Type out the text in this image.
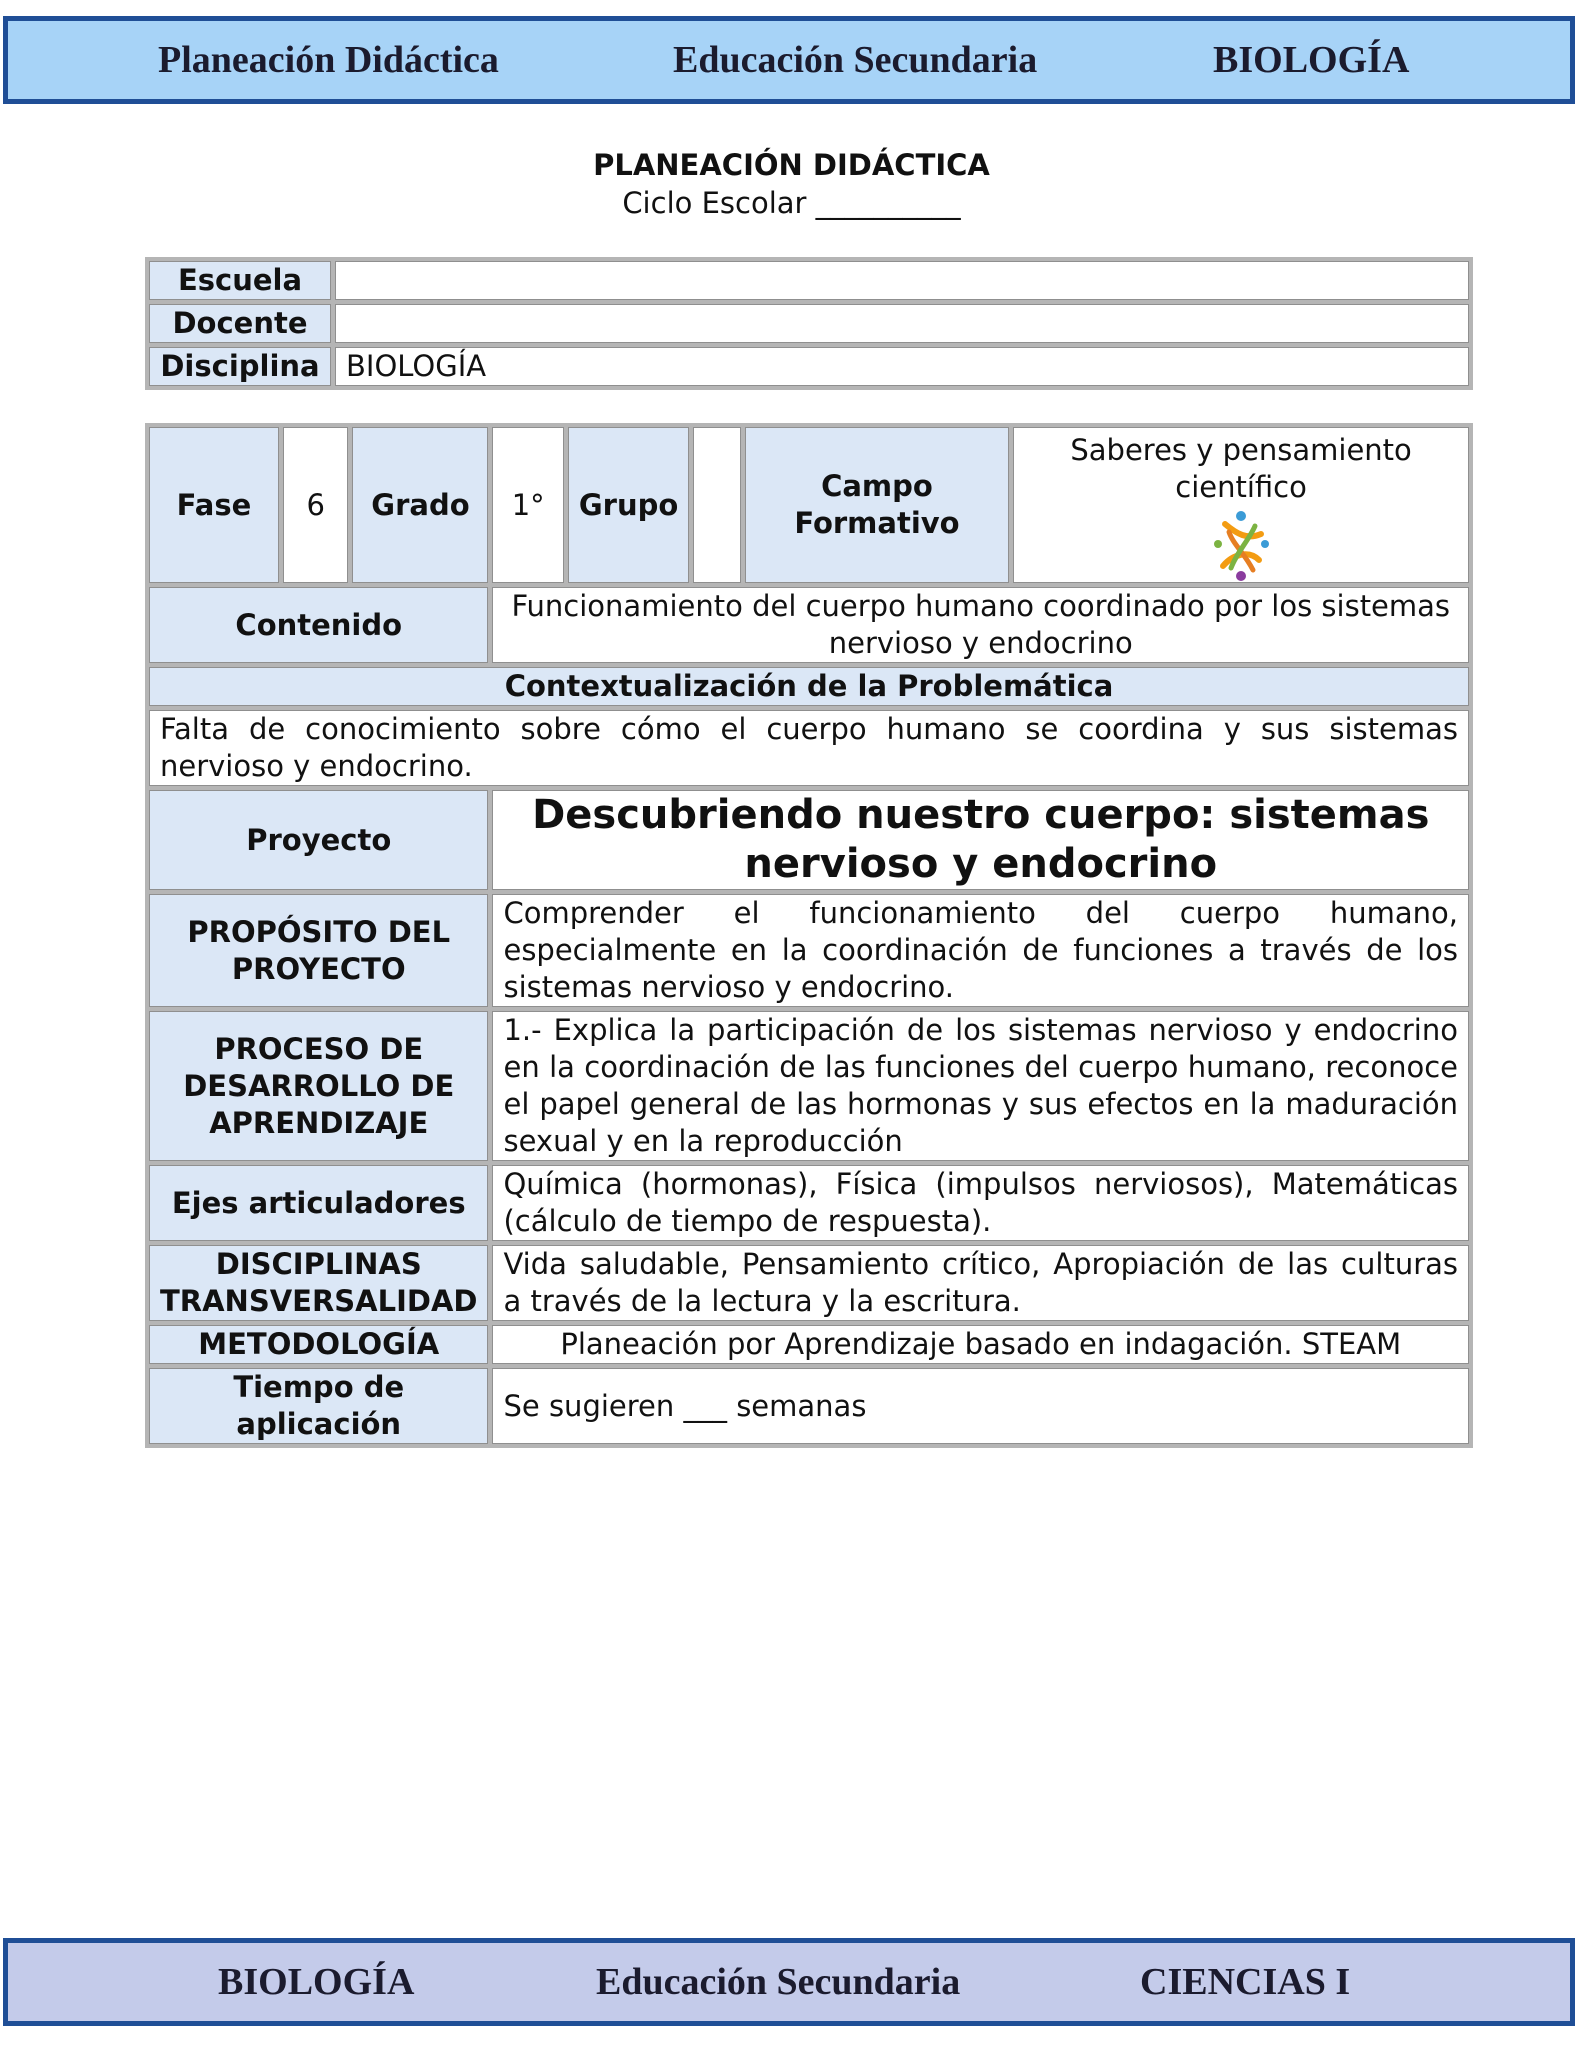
Planeación Didáctica	Educación Secundaria	BIOLOGÍA
PLANEACIÓN DIDÁCTICA
Ciclo Escolar __________
Escuela	
Docente	
Disciplina	BIOLOGÍA
Fase	6	Grado	1°	Grupo		Campo Formativo	Saberes y pensamiento científico

Contenido			Funcionamiento del cuerpo humano coordinado por los sistemas nervioso y endocrino				
Contextualización de la Problemática							
Falta de conocimiento sobre cómo el cuerpo humano se coordina y sus sistemas nervioso y endocrino.							
Proyecto			Descubriendo nuestro cuerpo: sistemas nervioso y endocrino				
PROPÓSITO DEL PROYECTO			Comprender el funcionamiento del cuerpo humano, especialmente en la coordinación de funciones a través de los sistemas nervioso y endocrino.				
PROCESO DE DESARROLLO DE APRENDIZAJE			1.- Explica la participación de los sistemas nervioso y endocrino en la coordinación de las funciones del cuerpo humano, reconoce el papel general de las hormonas y sus efectos en la maduración sexual y en la reproducción				
Ejes articuladores			Química (hormonas), Física (impulsos nerviosos), Matemáticas (cálculo de tiempo de respuesta).				
DISCIPLINAS TRANSVERSALIDAD			Vida saludable, Pensamiento crítico, Apropiación de las culturas a través de la lectura y la escritura.				
METODOLOGÍA			Planeación por Aprendizaje basado en indagación. STEAM				
Tiempo de aplicación			Se sugieren ___ semanas				
BIOLOGÍA	Educación Secundaria	CIENCIAS I
